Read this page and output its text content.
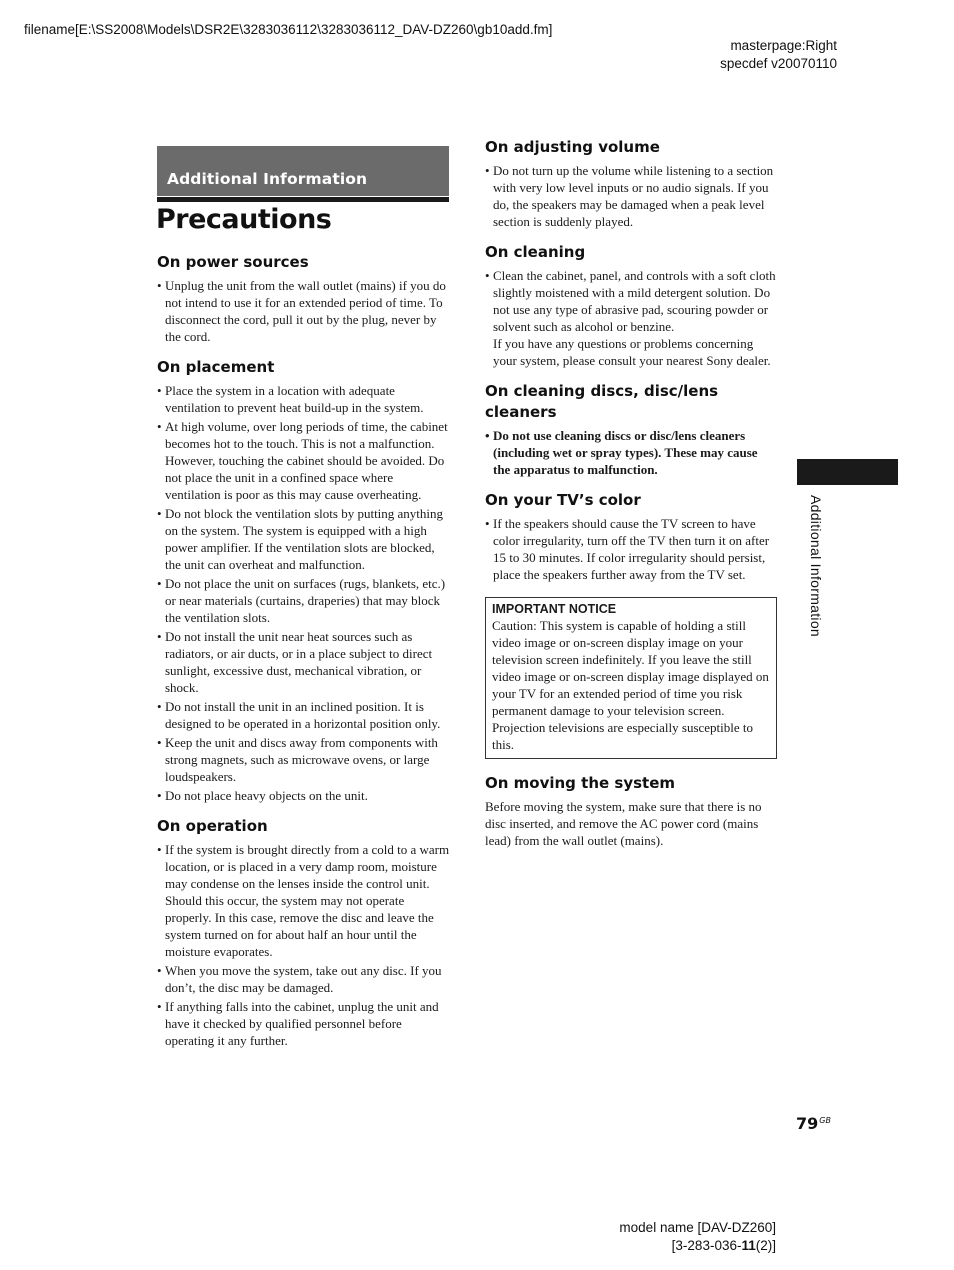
filename[E:\SS2008\Models\DSR2E\3283036112\3283036112_DAV-DZ260\gb10add.fm]
masterpage:Right
specdef v20070110
Additional Information
Precautions
On power sources
• Unplug the unit from the wall outlet (mains) if you do not intend to use it for an extended period of time. To disconnect the cord, pull it out by the plug, never by the cord.
On placement
• Place the system in a location with adequate ventilation to prevent heat build-up in the system.
• At high volume, over long periods of time, the cabinet becomes hot to the touch. This is not a malfunction. However, touching the cabinet should be avoided. Do not place the unit in a confined space where ventilation is poor as this may cause overheating.
• Do not block the ventilation slots by putting anything on the system. The system is equipped with a high power amplifier. If the ventilation slots are blocked, the unit can overheat and malfunction.
• Do not place the unit on surfaces (rugs, blankets, etc.) or near materials (curtains, draperies) that may block the ventilation slots.
• Do not install the unit near heat sources such as radiators, or air ducts, or in a place subject to direct sunlight, excessive dust, mechanical vibration, or shock.
• Do not install the unit in an inclined position. It is designed to be operated in a horizontal position only.
• Keep the unit and discs away from components with strong magnets, such as microwave ovens, or large loudspeakers.
• Do not place heavy objects on the unit.
On operation
• If the system is brought directly from a cold to a warm location, or is placed in a very damp room, moisture may condense on the lenses inside the control unit. Should this occur, the system may not operate properly. In this case, remove the disc and leave the system turned on for about half an hour until the moisture evaporates.
• When you move the system, take out any disc. If you don’t, the disc may be damaged.
• If anything falls into the cabinet, unplug the unit and have it checked by qualified personnel before operating it any further.
On adjusting volume
• Do not turn up the volume while listening to a section with very low level inputs or no audio signals. If you do, the speakers may be damaged when a peak level section is suddenly played.
On cleaning
• Clean the cabinet, panel, and controls with a soft cloth slightly moistened with a mild detergent solution. Do not use any type of abrasive pad, scouring powder or solvent such as alcohol or benzine.
If you have any questions or problems concerning your system, please consult your nearest Sony dealer.
On cleaning discs, disc/lens cleaners
• Do not use cleaning discs or disc/lens cleaners (including wet or spray types). These may cause the apparatus to malfunction.
On your TV’s color
• If the speakers should cause the TV screen to have color irregularity, turn off the TV then turn it on after 15 to 30 minutes. If color irregularity should persist, place the speakers further away from the TV set.
IMPORTANT NOTICE
Caution: This system is capable of holding a still video image or on-screen display image on your television screen indefinitely. If you leave the still video image or on-screen display image displayed on your TV for an extended period of time you risk permanent damage to your television screen. Projection televisions are especially susceptible to this.
On moving the system

Before moving the system, make sure that there is no disc inserted, and remove the AC power cord (mains lead) from the wall outlet (mains).

Additional Information
$79^{GB}$
model name [DAV-DZ260]
[3-283-036-11(2)]
